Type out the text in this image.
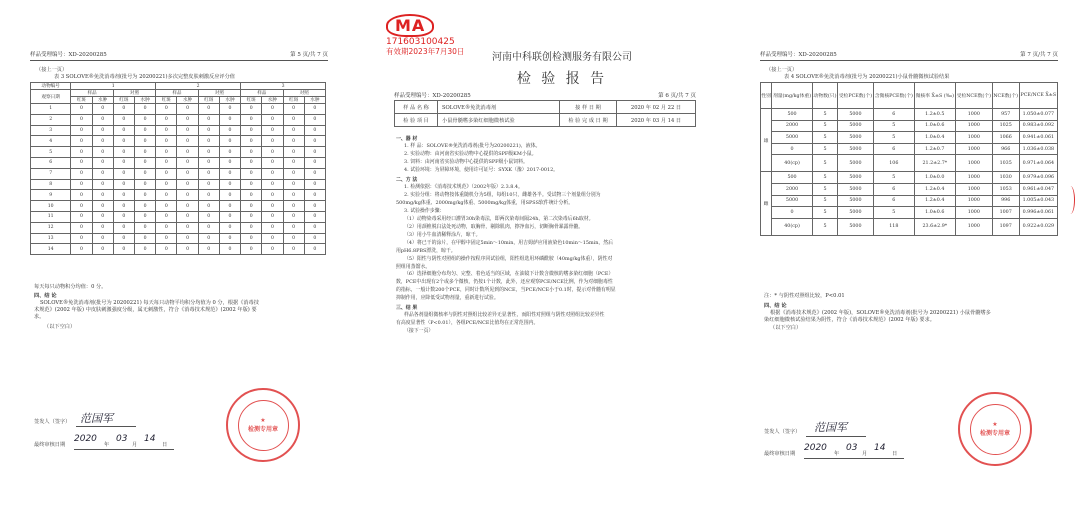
样品受理编号：XD-20200285	第 5 页/共 7 页
（接上一页）
表 3 SOLOVE®免洗消毒剂(批号为 20200221)多次完整皮肤刺激反应评分值
动物编号	1				2				3			
观察日期	样品		对照		样品		对照		样品		对照	
	红斑	水肿	红斑	水肿	红斑	水肿	红斑	水肿	红斑	水肿	红斑	水肿
1	0	0	0	0	0	0	0	0	0	0	0	0
2	0	0	0	0	0	0	0	0	0	0	0	0
3	0	0	0	0	0	0	0	0	0	0	0	0
4	0	0	0	0	0	0	0	0	0	0	0	0
5	0	0	0	0	0	0	0	0	0	0	0	0
6	0	0	0	0	0	0	0	0	0	0	0	0
7	0	0	0	0	0	0	0	0	0	0	0	0
8	0	0	0	0	0	0	0	0	0	0	0	0
9	0	0	0	0	0	0	0	0	0	0	0	0
10	0	0	0	0	0	0	0	0	0	0	0	0
11	0	0	0	0	0	0	0	0	0	0	0	0
12	0	0	0	0	0	0	0	0	0	0	0	0
13	0	0	0	0	0	0	0	0	0	0	0	0
14	0	0	0	0	0	0	0	0	0	0	0	0
每天每只动物积分均值：0 分。
四、结 论
SOLOVE®免洗消毒剂(批号为 20200221) 每天每只动物平均积分均值为 0 分，根据《消毒技
术规范》(2002 年版) 中皮肤刺激强度分级，属无刺激性，符合《消毒技术规范》(2002 年版) 要
求。
（以下空白）
签发人（签字） 范国军
最终审核日期
2020
年
03
月
14
日
★
检测专用章
MA
171603100425
有效期2023年7月30日
河南中科联创检测服务有限公司
检 验 报 告
样品受理编号：XD-20200285	第 6 页/共 7 页
样 品 名 称	SOLOVE®免洗消毒剂	接 样 日 期	2020 年 02 月 22 日
检 验 项 目	小鼠骨髓嗜多染红细胞微核试验	检 验 完 成 日 期	2020 年 03 月 14 日
一、器 材
1. 样 品：SOLOVE®免洗消毒剂(批号为20200221)，液体。
2. 实验动物：由河南省实验动物中心提供的SPF级KM小鼠。
3. 饲料：由河南省实验动物中心提供的SPF级小鼠饲料。
4. 试验环境：为屏障环境，使用许可证号：SYXK（豫）2017-0012。
二、方 法
1. 检测依据：《消毒技术规范》（2002年版）2.3.8.4。
2. 实验分组：将动物按体重随机分为5组，每组10只，雌雄各半。受试物三个剂量组分别为
500mg/kg体重、2000mg/kg体重、5000mg/kg体重，用SPSS软件统计分析。
3. 试验操作步骤：
（1）动物染毒采用经口灌胃30h染毒法，即两次染毒间隔24h，第二次染毒后6h取材。
（2）用颈椎脱臼法处死动物，取胸骨，剔除肌肉，擦净血污，切断胸骨暴露骨髓。
（3）用小牛血清稀释涂片，晾干。
（4）将已干的涂片，在甲醇中固定5min～10min，用吉姆萨应用液染色10min～15min，然后
用pH6.8PBS漂洗，晾干。
（5）阳性与阴性对照组的操作按程序同试验组，阳性组选用环磷酰胺（40mg/kg体重），阴性对
照组用蒸馏水。
（6）选择细胞分布均匀、完整、着色适当的区域，在油镜下计数含微核的嗜多染红细胞（PCE）
数，PCE中出现有2个或多个微核，仍按1个计数，此外，还应观察PCE/NCE比例，作为对细胞毒性
的指标，一般计数200个PCE，同时计数所见到的NCE，当PCE/NCE小于0.1时，提示对骨髓有明显
抑制作用，应降低受试物剂量，重新进行试验。
三、结 果
样品各剂量组微核率与阴性对照组比较差异无显著性，而阳性对照组与阴性对照组比较差异性
有高度显著性（P<0.01），各组PCE/NCE比值均在正常范围内。
（接下一页）
样品受理编号：XD-20200285	第 7 页/共 7 页
（接上一页）
表 4 SOLOVE®免洗消毒剂(批号为 20200221)小鼠骨髓微核试验结果
性别	剂量(mg/kg体重)	动物数(只)	受检PCE数(个)	含微核PCE数(个)	微核率 X̄±S (‰)	受检NCE数(个)	NCE数(个)	PCE/NCE X̄±S
雄	500	5	5000	6	1.2±0.5	1000	957	1.050±0.077
	2000	5	5000	5	1.0±0.6	1000	1025	0.983±0.092
	5000	5	5000	5	1.0±0.4	1000	1066	0.941±0.061
	0	5	5000	6	1.2±0.7	1000	966	1.036±0.038
	40(cp)	5	5000	106	21.2±2.7*	1000	1035	0.971±0.064
雌	500	5	5000	5	1.0±0.0	1000	1030	0.979±0.096
	2000	5	5000	6	1.2±0.4	1000	1053	0.961±0.047
	5000	5	5000	6	1.2±0.4	1000	996	1.005±0.043
	0	5	5000	5	1.0±0.6	1000	1007	0.996±0.061
	40(cp)	5	5000	118	23.6±2.9*	1000	1097	0.922±0.029
注：* 与阴性对照组比较，P<0.01
四、结 论
根据《消毒技术规范》(2002 年版)，SOLOVE®免洗消毒剂(批号为 20200221) 小鼠骨髓嗜多
染红细胞微核试验结果为阴性，符合《消毒技术规范》(2002 年版) 要求。
（以下空白）
签发人（签字） 范国军
最终审核日期
2020
年
03
月
14
日
★
检测专用章
